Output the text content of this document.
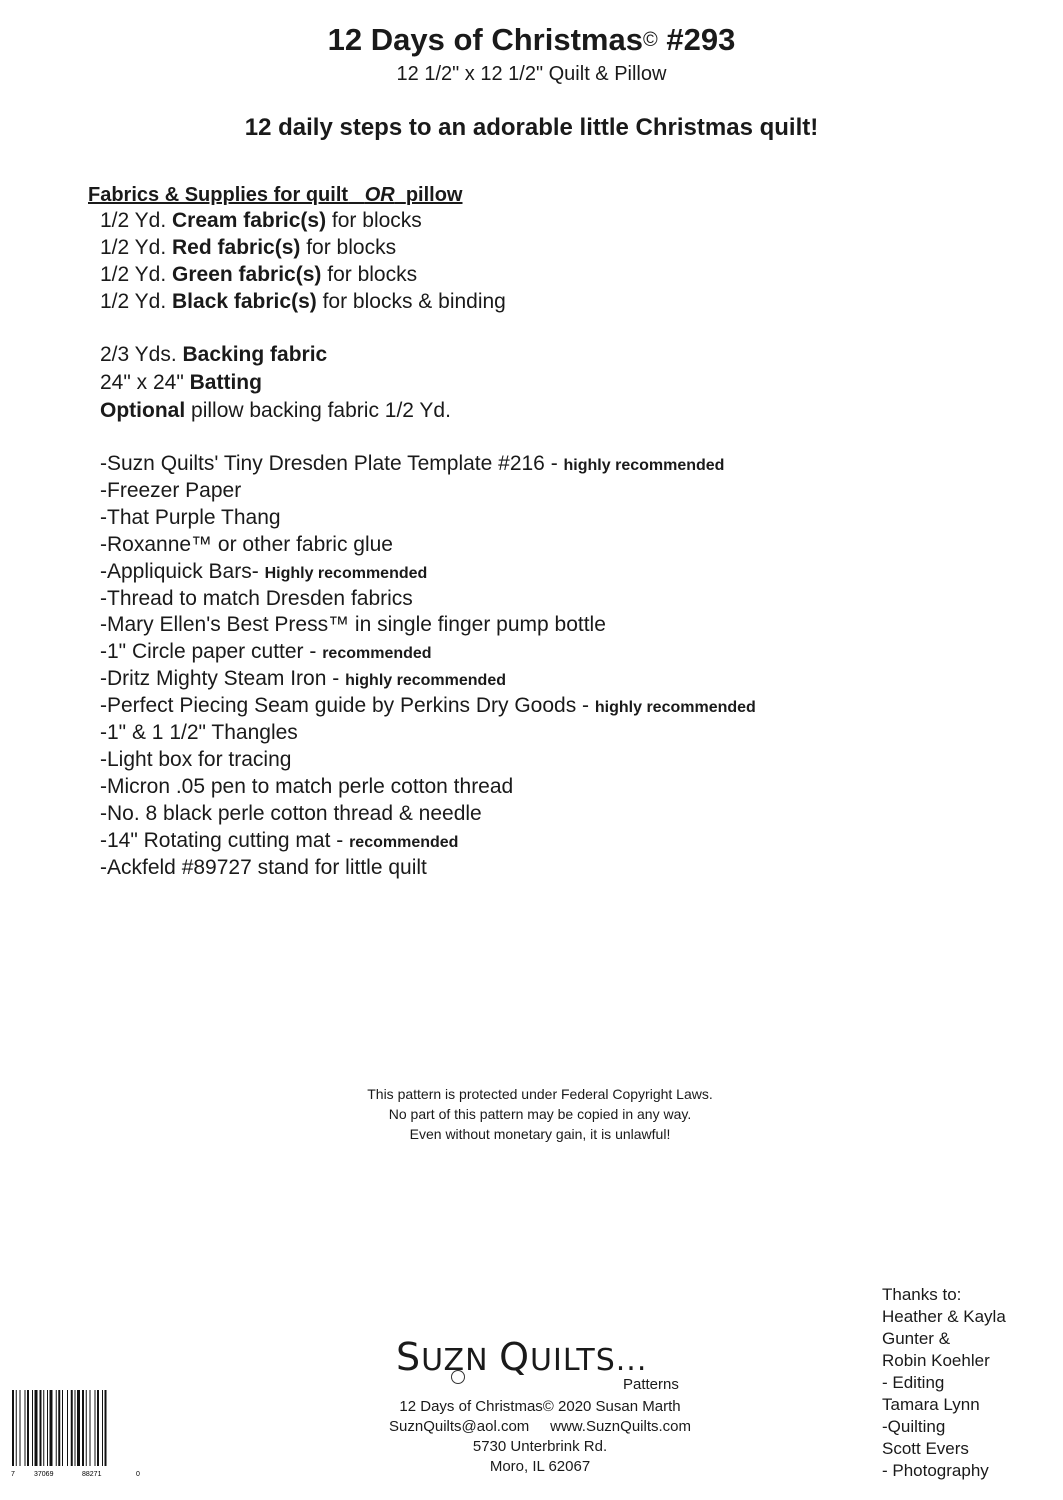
12 Days of Christmas© #293
12 1/2" x 12 1/2" Quilt & Pillow
12 daily steps to an adorable little Christmas quilt!
Fabrics & Supplies for quilt OR pillow
1/2 Yd. Cream fabric(s) for blocks
1/2 Yd. Red fabric(s) for blocks
1/2 Yd. Green fabric(s) for blocks
1/2 Yd. Black fabric(s) for blocks & binding
2/3 Yds. Backing fabric
24" x 24" Batting
Optional pillow backing fabric 1/2 Yd.
-Suzn Quilts' Tiny Dresden Plate Template #216 - highly recommended
-Freezer Paper
-That Purple Thang
-Roxanne™ or other fabric glue
-Appliquick Bars- Highly recommended
-Thread to match Dresden fabrics
-Mary Ellen's Best Press™ in single finger pump bottle
-1" Circle paper cutter - recommended
-Dritz Mighty Steam Iron - highly recommended
-Perfect Piecing Seam guide by Perkins Dry Goods - highly recommended
-1" & 1 1/2" Thangles
-Light box for tracing
-Micron .05 pen to match perle cotton thread
-No. 8 black perle cotton thread & needle
-14" Rotating cutting mat - recommended
-Ackfeld #89727 stand for little quilt
This pattern is protected under Federal Copyright Laws.
No part of this pattern may be copied in any way.
Even without monetary gain, it is unlawful!
SUZN QUILTS...
Patterns
12 Days of Christmas© 2020 Susan Marth
SuznQuilts@aol.com     www.SuznQuilts.com
5730 Unterbrink Rd.
Moro, IL 62067
Thanks to:
Heather & Kayla
Gunter &
Robin Koehler
- Editing
Tamara Lynn
-Quilting
Scott Evers
- Photography
7	37069	88271	0
